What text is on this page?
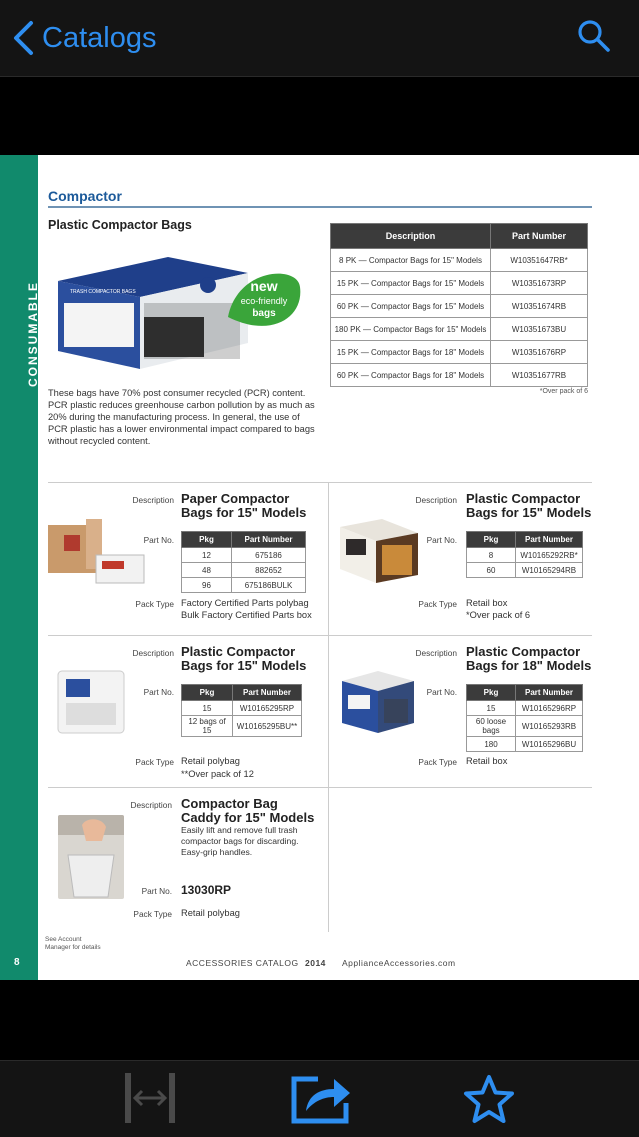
Catalogs
CONSUMABLE
8
Compactor
Plastic Compactor Bags
TRASH COMPACTOR BAGS	new
eco-friendly
bags
These bags have 70% post consumer recycled (PCR) content. PCR plastic reduces greenhouse carbon pollution by as much as 20% during the manufacturing process. In general, the use of PCR plastic has a lower environmental impact compared to bags without recycled content.
Description	Part Number
8 PK — Compactor Bags for 15" Models	W10351647RB*
15 PK — Compactor Bags for 15" Models	W10351673RP
60 PK — Compactor Bags for 15" Models	W10351674RB
180 PK — Compactor Bags for 15" Models	W10351673BU
15 PK — Compactor Bags for 18" Models	W10351676RP
60 PK — Compactor Bags for 18" Models	W10351677RB
*Over pack of 6
Description Paper Compactor Bags for 15" Models
Part No.	Pkg	Part Number
12	675186
48	882652
96	675186BULK
Pack Type Factory Certified Parts polybag
Bulk Factory Certified Parts box
Description Plastic Compactor Bags for 15" Models
Part No.	Pkg	Part Number
8	W10165292RB*
60	W10165294RB
Pack Type Retail box
*Over pack of 6
Description Plastic Compactor Bags for 15" Models
Part No.	Pkg	Part Number
15	W10165295RP
12 bags of 15	W10165295BU**
Pack Type Retail polybag
**Over pack of 12
Description Plastic Compactor Bags for 18" Models
Part No.	Pkg	Part Number
15	W10165296RP
60 loose bags	W10165293RB
180	W10165296BU
Pack Type Retail box
Description Compactor Bag Caddy for 15" Models
Easily lift and remove full trash compactor bags for discarding. Easy-grip handles.
Part No. 13030RP
Pack Type Retail polybag
See Account Manager for details
ACCESSORIES CATALOG 2014 ApplianceAccessories.com
